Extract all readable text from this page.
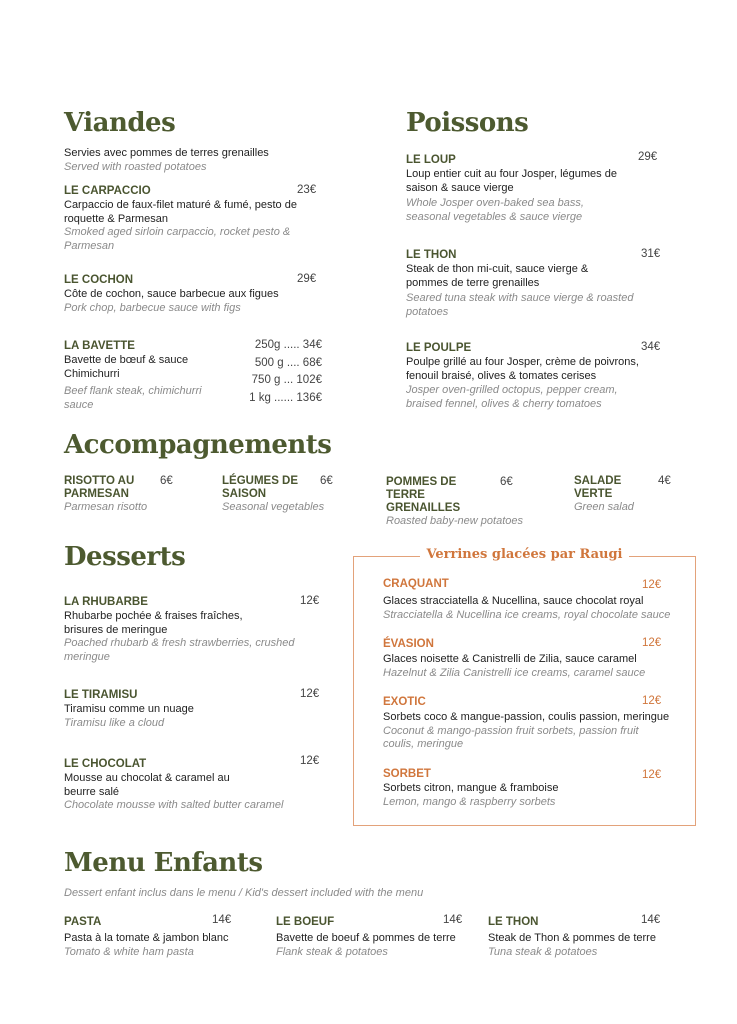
Viandes
Servies avec pommes de terres grenailles
Served with roasted potatoes
LE CARPACCIO	23€
Carpaccio de faux-filet maturé & fumé, pesto de roquette & Parmesan
Smoked aged sirloin carpaccio, rocket pesto & Parmesan
LE COCHON	29€
Côte de cochon, sauce barbecue aux figues
Pork chop, barbecue sauce with figs
LA BAVETTE
Bavette de bœuf & sauce Chimichurri
Beef flank steak, chimichurri sauce
250g ..... 34€
500 g .... 68€
750 g ... 102€
1 kg ...... 136€
Poissons
LE LOUP	29€
Loup entier cuit au four Josper, légumes de saison & sauce vierge
Whole Josper oven-baked sea bass, seasonal vegetables & sauce vierge
LE THON	31€
Steak de thon mi-cuit, sauce vierge & pommes de terre grenailles
Seared tuna steak with sauce vierge & roasted potatoes
LE POULPE	34€
Poulpe grillé au four Josper, crème de poivrons, fenouil braisé, olives & tomates cerises
Josper oven-grilled octopus, pepper cream, braised fennel, olives & cherry tomatoes
Accompagnements
RISOTTO AU PARMESAN
6€
Parmesan risotto
LÉGUMES DE SAISON
6€
Seasonal vegetables
POMMES DE TERRE GRENAILLES
6€
Roasted baby-new potatoes
SALADE VERTE
4€
Green salad
Desserts
LA RHUBARBE	12€
Rhubarbe pochée & fraises fraîches, brisures de meringue
Poached rhubarb & fresh strawberries, crushed meringue
LE TIRAMISU	12€
Tiramisu comme un nuage
Tiramisu like a cloud
LE CHOCOLAT	12€
Mousse au chocolat & caramel au beurre salé
Chocolate mousse with salted butter caramel
Verrines glacées par Raugi
CRAQUANT	12€
Glaces stracciatella & Nucellina, sauce chocolat royal
Stracciatella & Nucellina ice creams, royal chocolate sauce
ÉVASION	12€
Glaces noisette & Canistrelli de Zilia, sauce caramel
Hazelnut & Zilia Canistrelli ice creams, caramel sauce
EXOTIC	12€
Sorbets coco & mangue-passion, coulis passion, meringue
Coconut & mango-passion fruit sorbets, passion fruit coulis, meringue
SORBET	12€
Sorbets citron, mangue & framboise
Lemon, mango & raspberry sorbets
Menu Enfants
Dessert enfant inclus dans le menu / Kid's dessert included with the menu
PASTA	14€
Pasta à la tomate & jambon blanc
Tomato & white ham pasta
LE BOEUF	14€
Bavette de boeuf & pommes de terre
Flank steak & potatoes
LE THON	14€
Steak de Thon & pommes de terre
Tuna steak & potatoes
